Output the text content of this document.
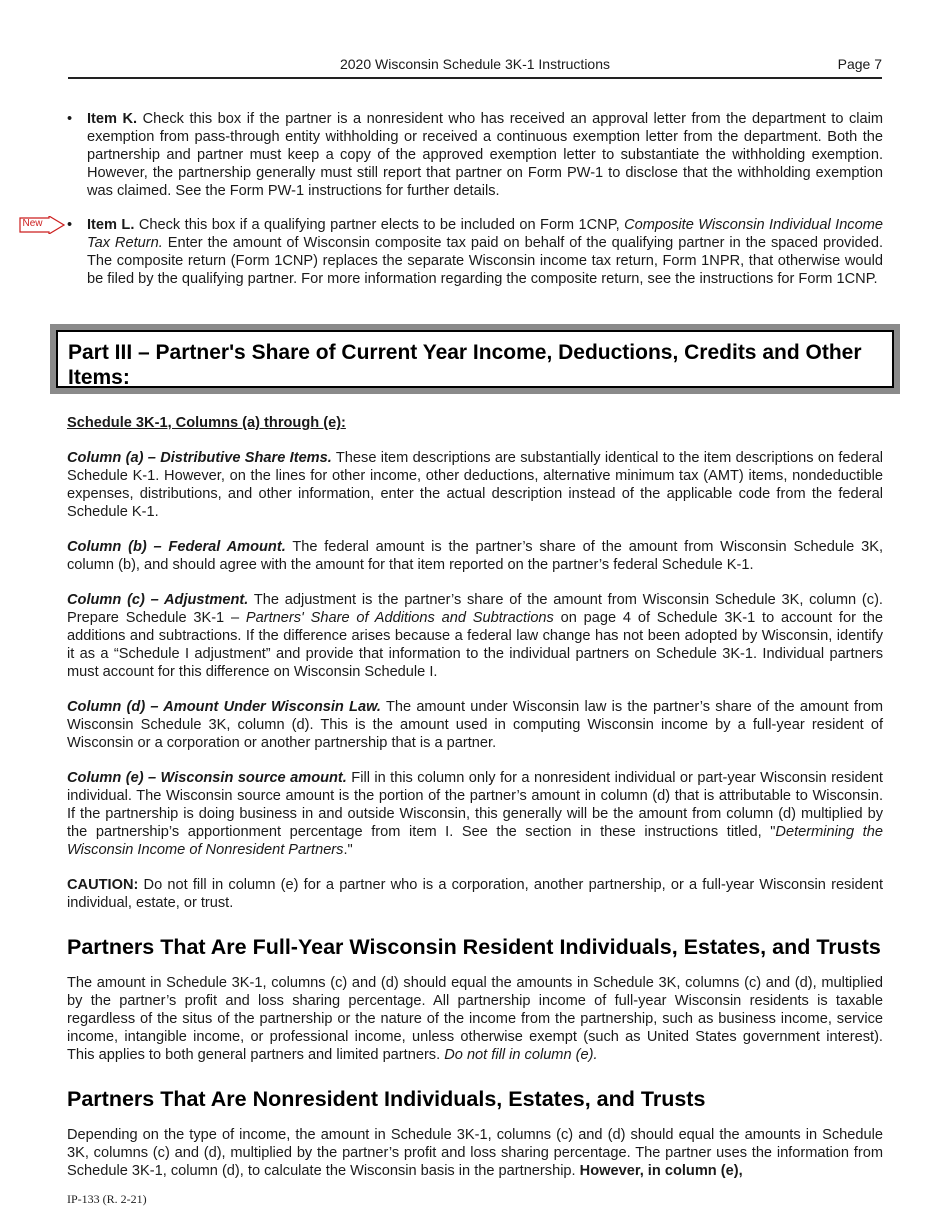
2020 Wisconsin Schedule 3K-1 Instructions	Page 7
New
• Item K. Check this box if the partner is a nonresident who has received an approval letter from the department to claim exemption from pass-through entity withholding or received a continuous exemption letter from the department. Both the partnership and partner must keep a copy of the approved exemption letter to substantiate the withholding exemption. However, the partnership generally must still report that partner on Form PW-1 to disclose that the withholding exemption was claimed. See the Form PW-1 instructions for further details.
• Item L. Check this box if a qualifying partner elects to be included on Form 1CNP, Composite Wisconsin Individual Income Tax Return. Enter the amount of Wisconsin composite tax paid on behalf of the qualifying partner in the spaced provided. The composite return (Form 1CNP) replaces the separate Wisconsin income tax return, Form 1NPR, that otherwise would be filed by the qualifying partner. For more information regarding the composite return, see the instructions for Form 1CNP.
Part III – Partner's Share of Current Year Income, Deductions, Credits and Other Items:
Schedule 3K-1, Columns (a) through (e):

Column (a) – Distributive Share Items. These item descriptions are substantially identical to the item descriptions on federal Schedule K-1. However, on the lines for other income, other deductions, alternative minimum tax (AMT) items, nondeductible expenses, distributions, and other information, enter the actual description instead of the applicable code from the federal Schedule K-1.

Column (b) – Federal Amount. The federal amount is the partner’s share of the amount from Wisconsin Schedule 3K, column (b), and should agree with the amount for that item reported on the partner’s federal Schedule K-1.

Column (c) – Adjustment. The adjustment is the partner’s share of the amount from Wisconsin Schedule 3K, column (c). Prepare Schedule 3K-1 – Partners' Share of Additions and Subtractions on page 4 of Schedule 3K-1 to account for the additions and subtractions. If the difference arises because a federal law change has not been adopted by Wisconsin, identify it as a “Schedule I adjustment” and provide that information to the individual partners on Schedule 3K-1. Individual partners must account for this difference on Wisconsin Schedule I.

Column (d) – Amount Under Wisconsin Law. The amount under Wisconsin law is the partner’s share of the amount from Wisconsin Schedule 3K, column (d). This is the amount used in computing Wisconsin income by a full-year resident of Wisconsin or a corporation or another partnership that is a partner.

Column (e) – Wisconsin source amount. Fill in this column only for a nonresident individual or part-year Wisconsin resident individual. The Wisconsin source amount is the portion of the partner’s amount in column (d) that is attributable to Wisconsin. If the partnership is doing business in and outside Wisconsin, this generally will be the amount from column (d) multiplied by the partnership’s apportionment percentage from item I. See the section in these instructions titled, "Determining the Wisconsin Income of Nonresident Partners."

CAUTION: Do not fill in column (e) for a partner who is a corporation, another partnership, or a full-year Wisconsin resident individual, estate, or trust.

Partners That Are Full-Year Wisconsin Resident Individuals, Estates, and Trusts

The amount in Schedule 3K-1, columns (c) and (d) should equal the amounts in Schedule 3K, columns (c) and (d), multiplied by the partner’s profit and loss sharing percentage. All partnership income of full-year Wisconsin residents is taxable regardless of the situs of the partnership or the nature of the income from the partnership, such as business income, service income, intangible income, or professional income, unless otherwise exempt (such as United States government interest). This applies to both general partners and limited partners. Do not fill in column (e).

Partners That Are Nonresident Individuals, Estates, and Trusts

Depending on the type of income, the amount in Schedule 3K-1, columns (c) and (d) should equal the amounts in Schedule 3K, columns (c) and (d), multiplied by the partner’s profit and loss sharing percentage. The partner uses the information from Schedule 3K-1, column (d), to calculate the Wisconsin basis in the partnership. However, in column (e),

IP-133 (R. 2-21)
